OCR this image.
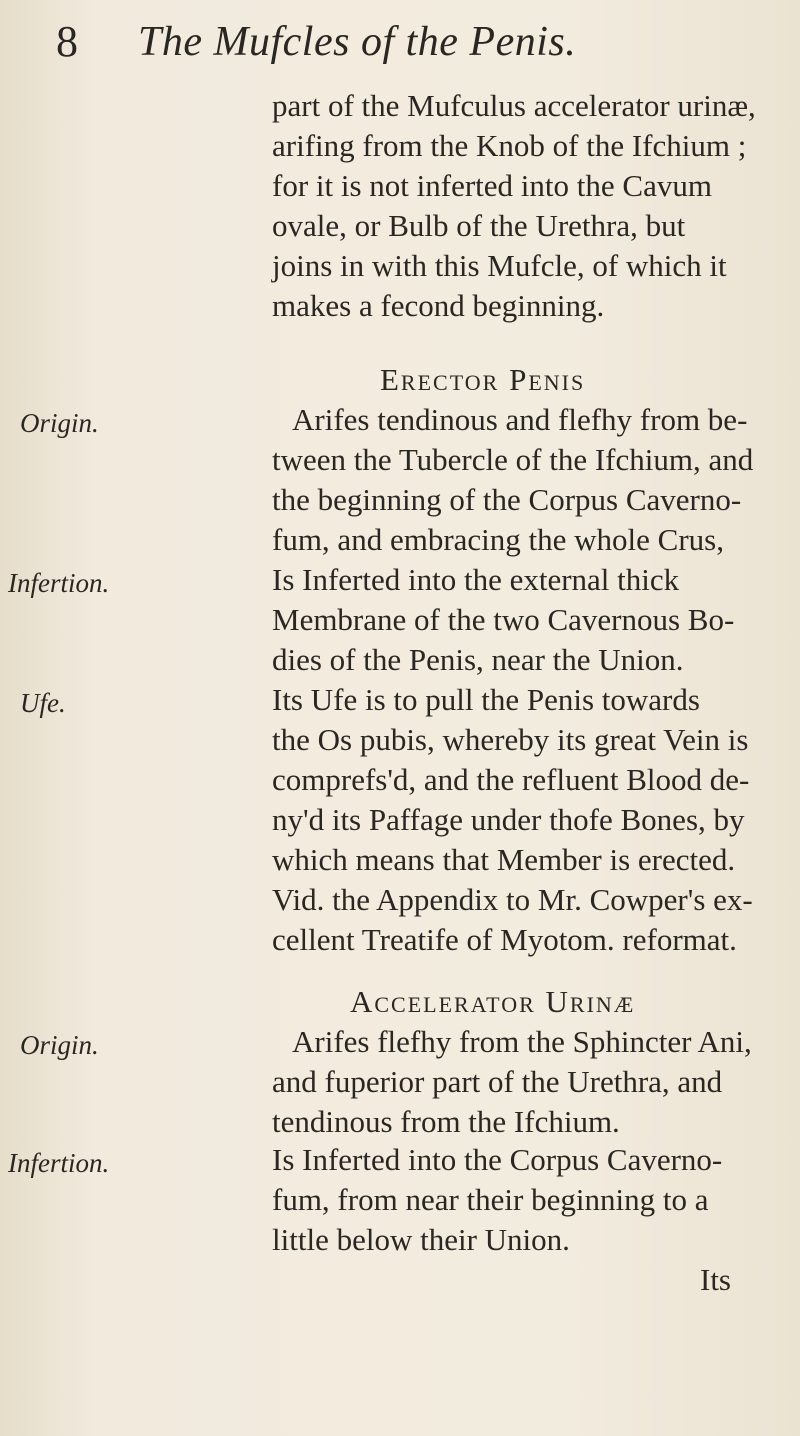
8 The Mufcles of the Penis.
part of the Mufculus accelerator urinæ,
arifing from the Knob of the Ifchium ;
for it is not inferted into the Cavum
ovale, or Bulb of the Urethra, but
joins in with this Mufcle, of which it
makes a fecond beginning.
Erector Penis
Origin.	Arifes tendinous and flefhy from be-
tween the Tubercle of the Ifchium, and
the beginning of the Corpus Caverno-
fum, and embracing the whole Crus,
Infertion.	Is Inferted into the external thick
Membrane of the two Cavernous Bo-
dies of the Penis, near the Union.
Ufe.	Its Ufe is to pull the Penis towards
the Os pubis, whereby its great Vein is
comprefs'd, and the refluent Blood de-
ny'd its Paffage under thofe Bones, by
which means that Member is erected.
Vid. the Appendix to Mr. Cowper's ex-
cellent Treatife of Myotom. reformat.
Accelerator Urinæ
Origin.	Arifes flefhy from the Sphincter Ani,
and fuperior part of the Urethra, and
tendinous from the Ifchium.
Infertion.	Is Inferted into the Corpus Caverno-
fum, from near their beginning to a
little below their Union.
Its
